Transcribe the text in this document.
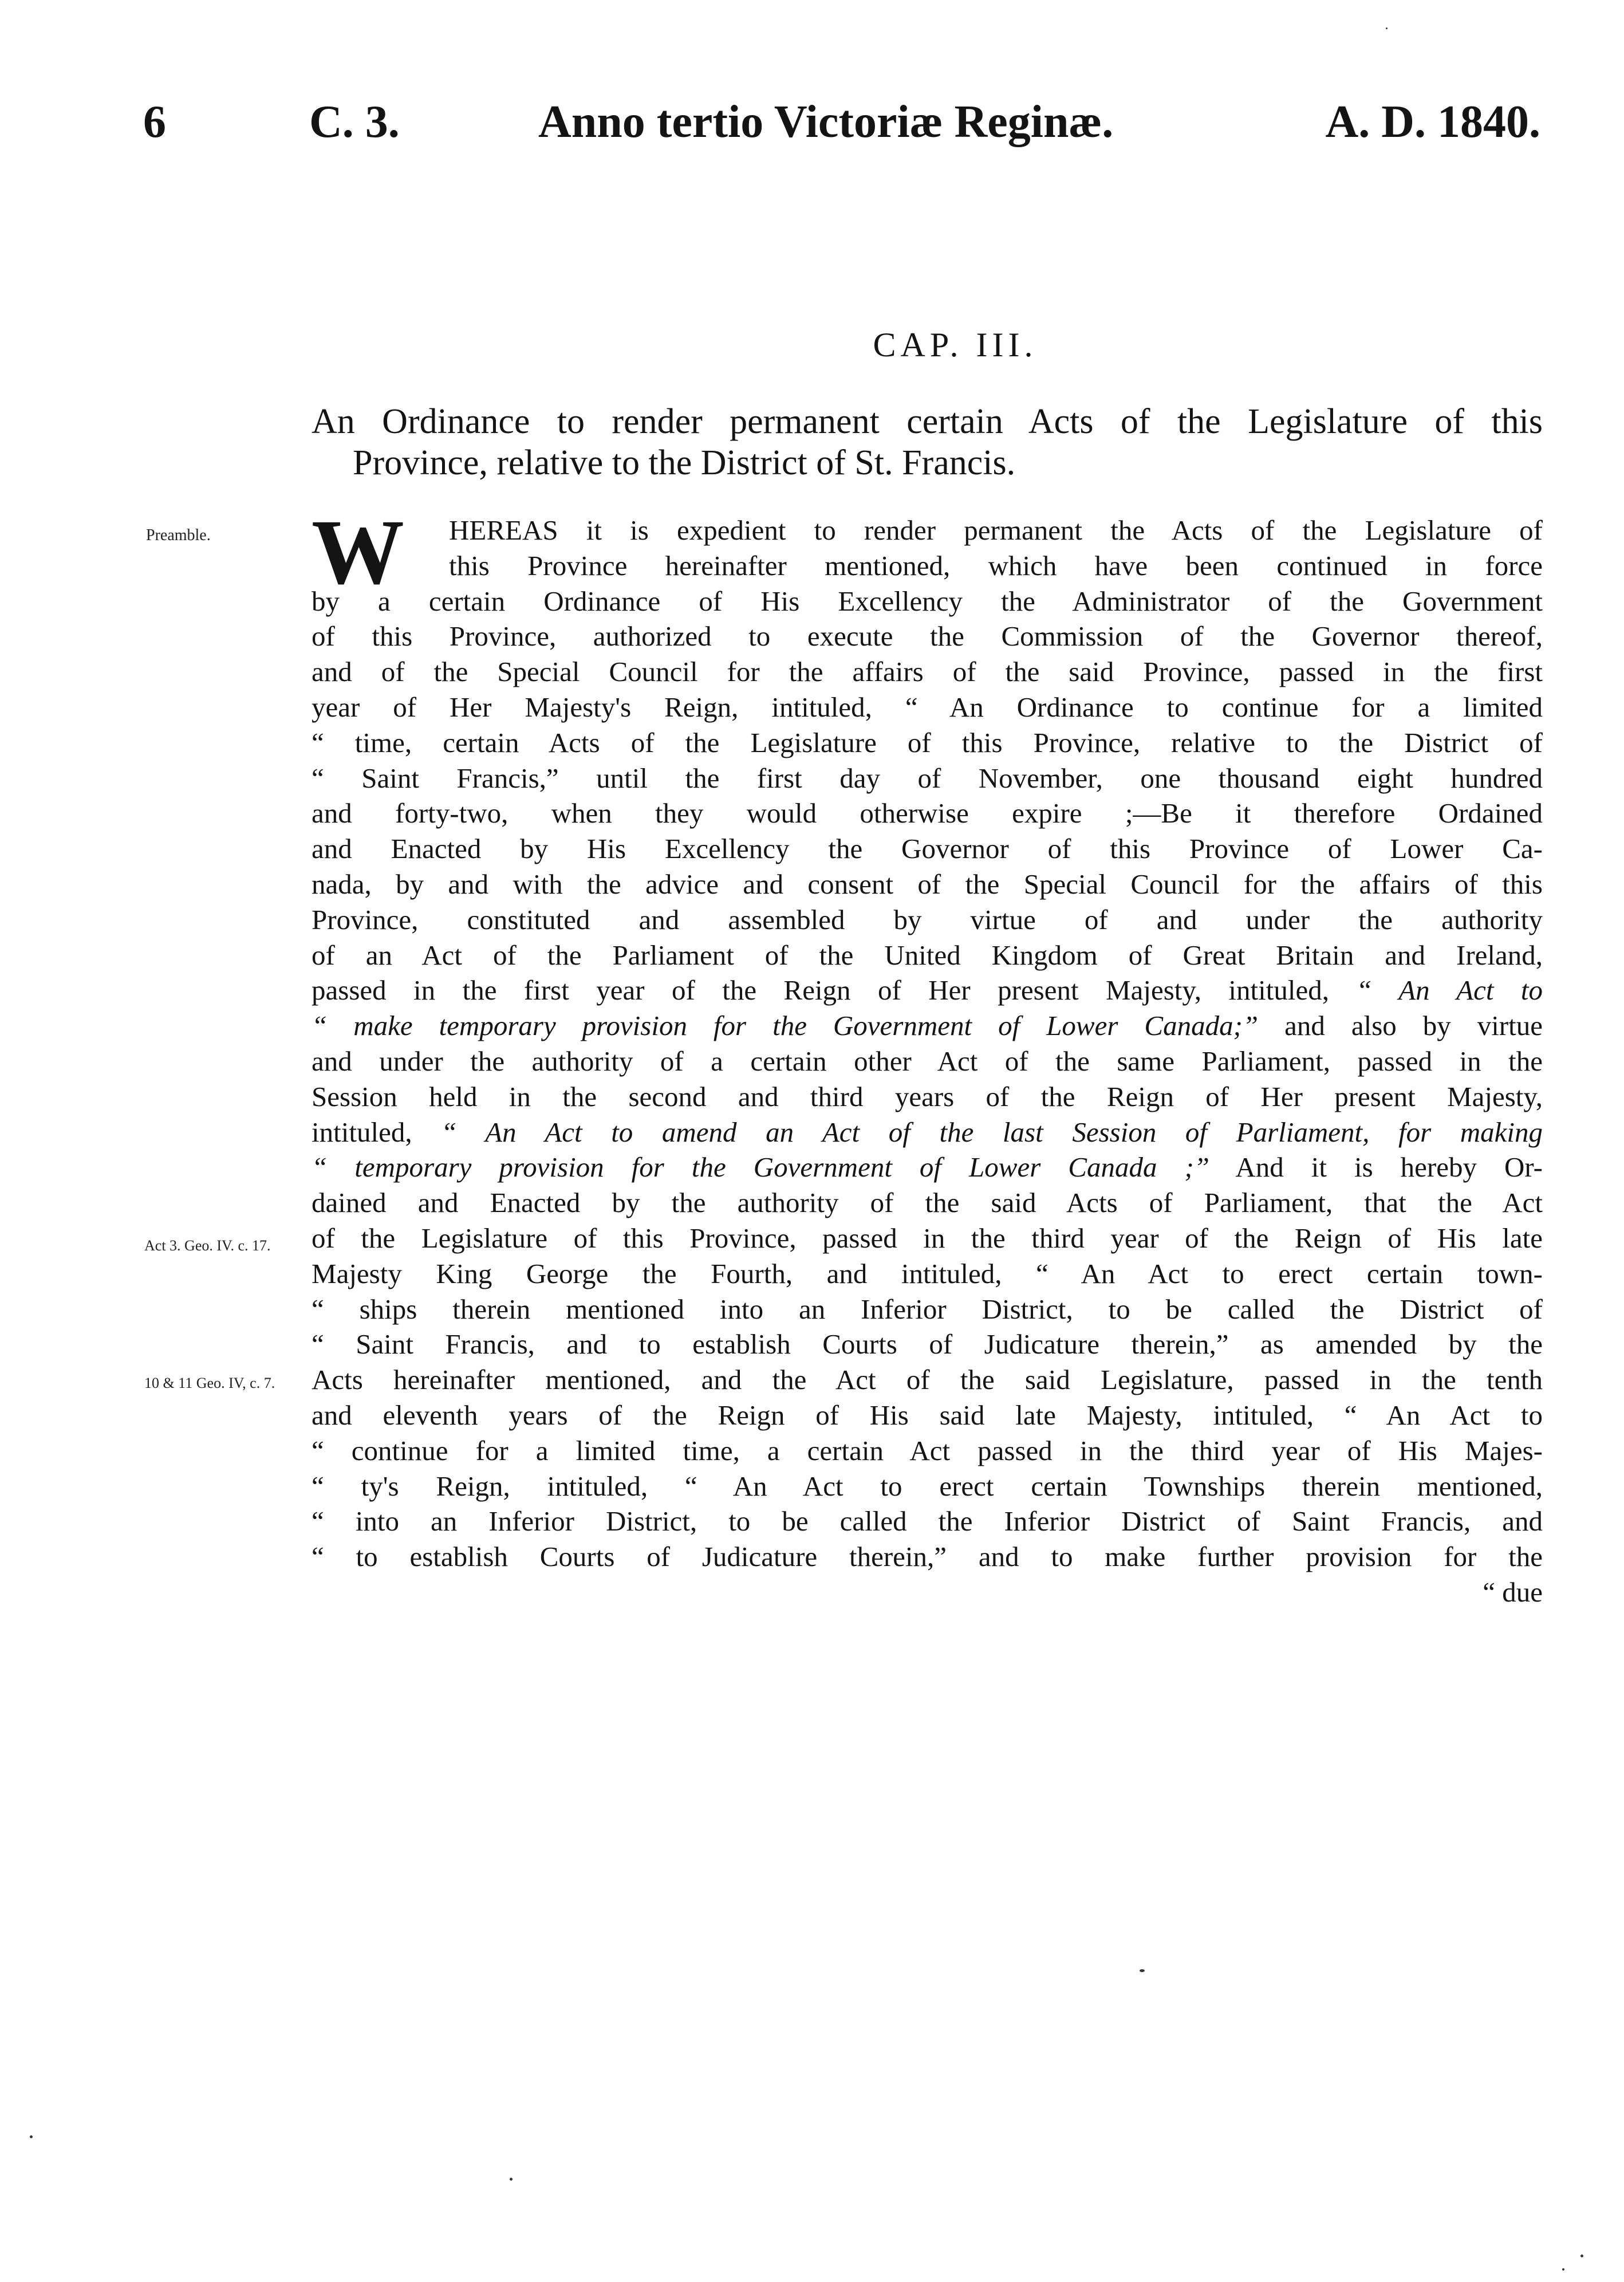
6	C. 3.	Anno tertio Victoriæ Reginæ.	A. D. 1840.
CAP. III.
An Ordinance to render permanent certain Acts of the Legislature of this
Province, relative to the District of St. Francis.
Preamble.
Act 3. Geo. IV. c. 17.
10 & 11 Geo. IV, c. 7.
W	HEREAS it is expedient to render permanent the Acts of the Legislature of
this Province hereinafter mentioned, which have been continued in force
by a certain Ordinance of His Excellency the Administrator of the Government
of this Province, authorized to execute the Commission of the Governor thereof,
and of the Special Council for the affairs of the said Province, passed in the first
year of Her Majesty's Reign, intituled, “ An Ordinance to continue for a limited
“ time, certain Acts of the Legislature of this Province, relative to the District of
“ Saint Francis,” until the first day of November, one thousand eight hundred
and forty-two, when they would otherwise expire ;—Be it therefore Ordained
and Enacted by His Excellency the Governor of this Province of Lower Ca-
nada, by and with the advice and consent of the Special Council for the affairs of this
Province, constituted and assembled by virtue of and under the authority
of an Act of the Parliament of the United Kingdom of Great Britain and Ireland,
passed in the first year of the Reign of Her present Majesty, intituled, “ An Act to
“ make temporary provision for the Government of Lower Canada;” and also by virtue
and under the authority of a certain other Act of the same Parliament, passed in the
Session held in the second and third years of the Reign of Her present Majesty,
intituled, “ An Act to amend an Act of the last Session of Parliament, for making
“ temporary provision for the Government of Lower Canada ;” And it is hereby Or-
dained and Enacted by the authority of the said Acts of Parliament, that the Act
of the Legislature of this Province, passed in the third year of the Reign of His late
Majesty King George the Fourth, and intituled, “ An Act to erect certain town-
“ ships therein mentioned into an Inferior District, to be called the District of
“ Saint Francis, and to establish Courts of Judicature therein,” as amended by the
Acts hereinafter mentioned, and the Act of the said Legislature, passed in the tenth
and eleventh years of the Reign of His said late Majesty, intituled, “ An Act to
“ continue for a limited time, a certain Act passed in the third year of His Majes-
“ ty's Reign, intituled, “ An Act to erect certain Townships therein mentioned,
“ into an Inferior District, to be called the Inferior District of Saint Francis, and
“ to establish Courts of Judicature therein,” and to make further provision for the
“ due
